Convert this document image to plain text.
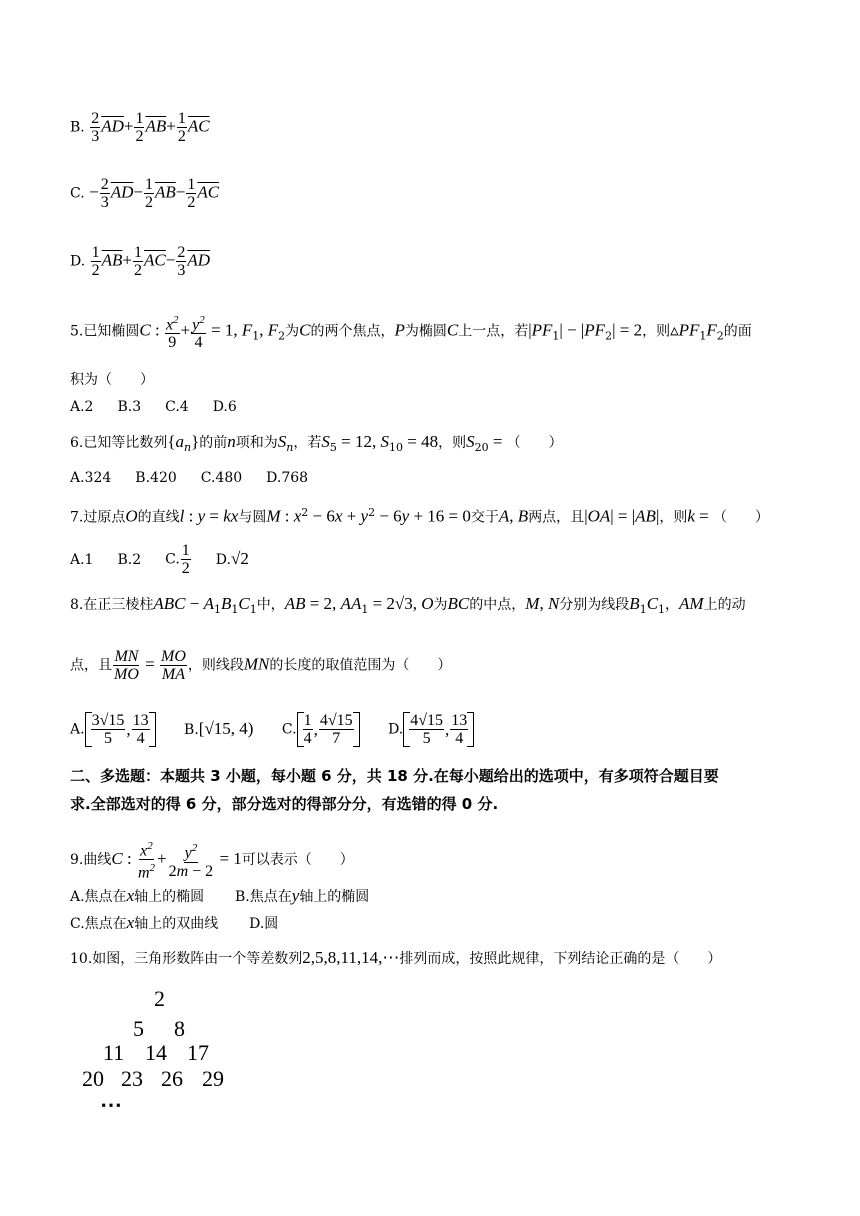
B. $\frac{2}{3} \overline{AD}+ \frac{1}{2} \overline{AB}+ \frac{1}{2} \overline{AC}$
C. − $\frac{2}{3} \overline{AD}- \frac{1}{2} \overline{AB}- \frac{1}{2} \overline{AC}$
D. $\frac{1}{2} \overline{AB}+ \frac{1}{2} \overline{AC}- \frac{2}{3} \overline{AD}$
5.已知椭圆C : $\frac{x^2}{9} + \frac{y^2}{4} = 1$, $F_1$, $F_2$为C的两个焦点，P为椭圆C上一点，若$|PF_1| - |PF_2| = 2$，则$▵PF_1F_2$的面
积为（　　）
A.2 B.3 C.4 D.6
6.已知等比数列$\{a_n\}$的前n项和为$S_n$，若$S_5 = 12$, $S_{10} = 48$，则$S_{20}$ = （　　）
A.324 B.420 C.480 D.768
7.过原点O的直线l : y = kx与圆M : $x^2 - 6x + y^2 - 6y + 16 = 0$交于A, B两点，且|OA| = |AB|，则k = （　　）
A.1 B.2 C. $\frac{1}{2} D.√2$
8.在正三棱柱ABC − $A_1B_1C_1$中，AB = 2, $AA_1 = 2√3$, O为BC的中点，M, N分别为线段$B_1C_1$，AM上的动
点，且 $\frac{MN}{MO} = \frac{MO}{MA}$ ，则线段MN的长度的取值范围为（　　）
A. $\frac{3√15}{5}$ , $\frac{13}{4} B.[√15$, 4) C. $\frac{1}{4}$ , $\frac{4√15}{7} D$. $\frac{4√15}{5}$ , $\frac{13}{4}$
二、多选题：本题共 3 小题，每小题 6 分，共 18 分.在每小题给出的选项中，有多项符合题目要
求.全部选对的得 6 分，部分选对的得部分分，有选错的得 0 分.
9.曲线C : $\frac{x^2}{m^2} + \frac{y^2}{2m - 2} = 1$可以表示（　　）
A.焦点在x轴上的椭圆 B.焦点在y轴上的椭圆
C.焦点在x轴上的双曲线 D.圆
10.如图，三角形数阵由一个等差数列2,5,8,11,14,⋯排列而成，按照此规律，下列结论正确的是（　　）
2
5 8
11 14 17
20 23 26 29
⋯
